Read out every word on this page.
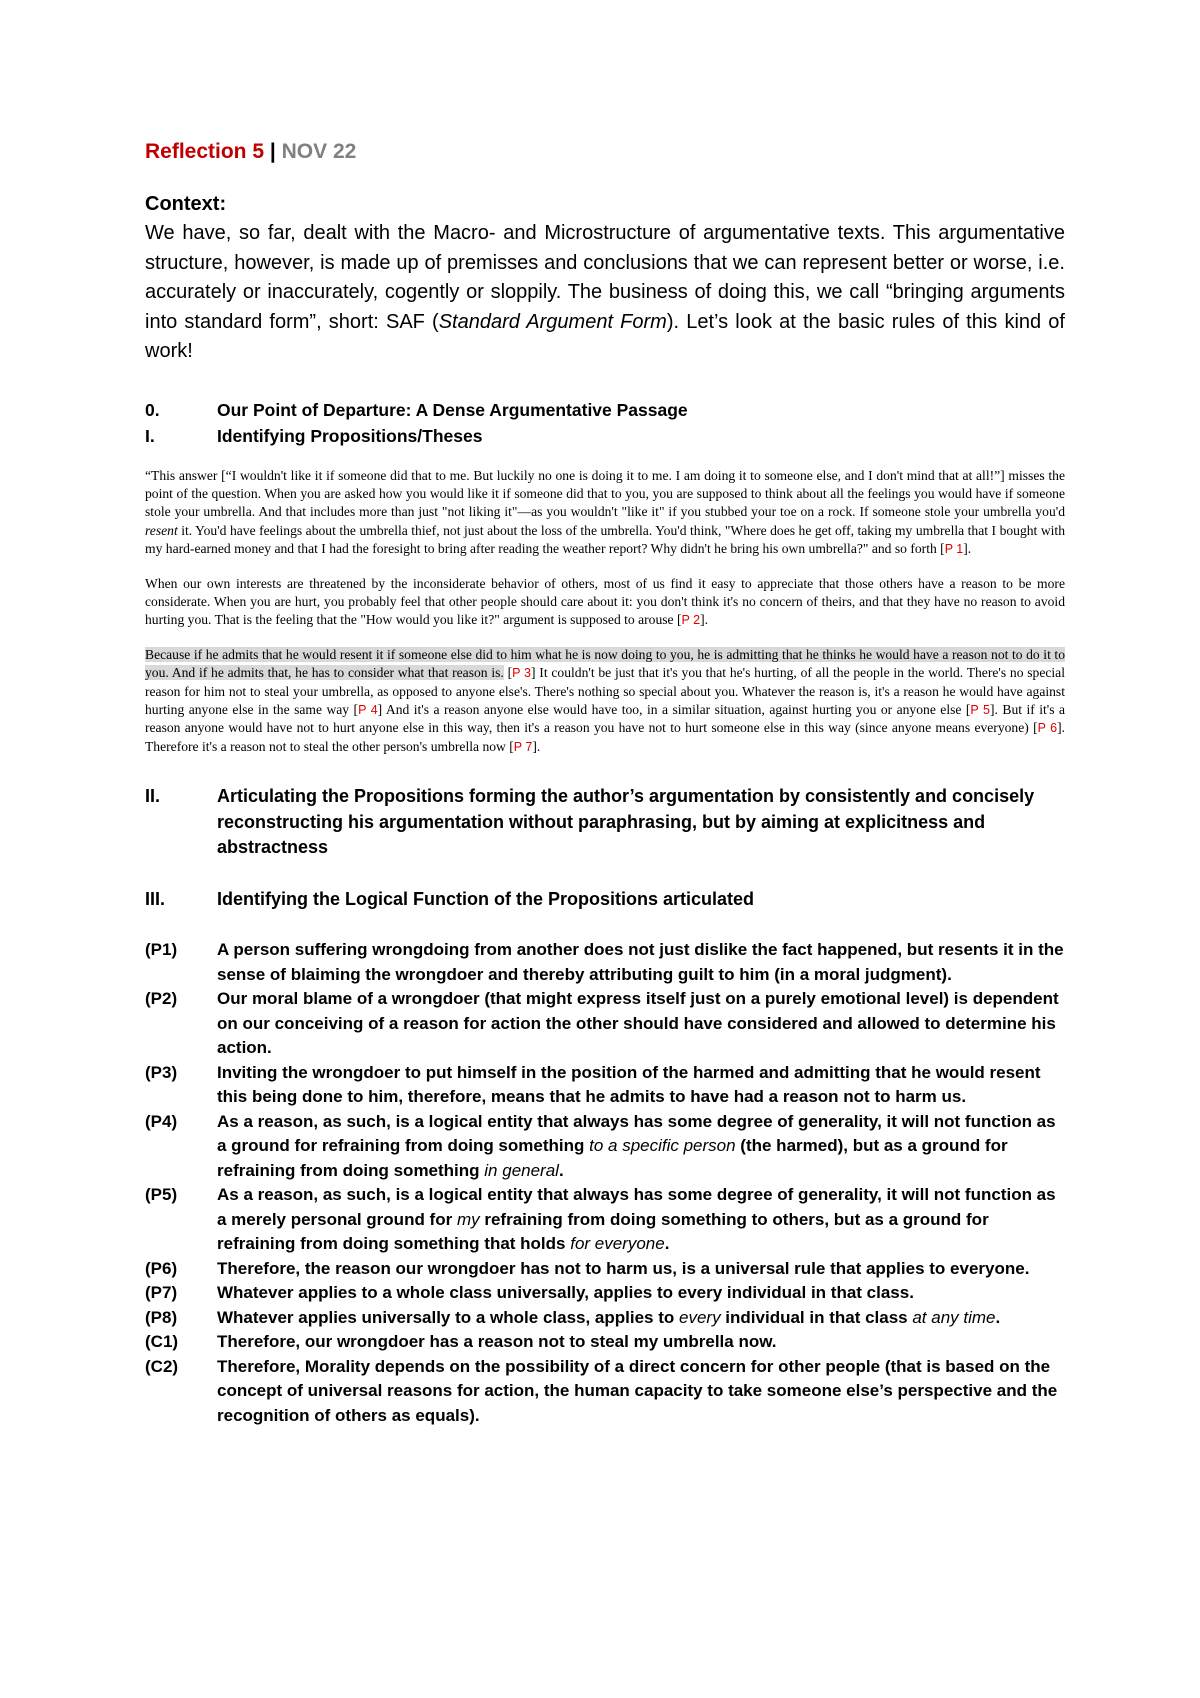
Reflection 5 | NOV 22

Context:

We have, so far, dealt with the Macro- and Microstructure of argumentative texts. This argumentative structure, however, is made up of premisses and conclusions that we can represent better or worse, i.e. accurately or inaccurately, cogently or sloppily. The business of doing this, we call “bringing arguments into standard form”, short: SAF (Standard Argument Form). Let’s look at the basic rules of this kind of work!

0.	Our Point of Departure: A Dense Argumentative Passage
I.	Identifying Propositions/Theses

“This answer [“I wouldn't like it if someone did that to me. But luckily no one is doing it to me. I am doing it to someone else, and I don't mind that at all!”] misses the point of the question. When you are asked how you would like it if someone did that to you, you are supposed to think about all the feelings you would have if someone stole your umbrella. And that includes more than just "not liking it"—as you wouldn't "like it" if you stubbed your toe on a rock. If someone stole your umbrella you'd resent it. You'd have feelings about the umbrella thief, not just about the loss of the umbrella. You'd think, "Where does he get off, taking my umbrella that I bought with my hard-earned money and that I had the foresight to bring after reading the weather report? Why didn't he bring his own umbrella?" and so forth [P 1].

When our own interests are threatened by the inconsiderate behavior of others, most of us find it easy to appreciate that those others have a reason to be more considerate. When you are hurt, you probably feel that other people should care about it: you don't think it's no concern of theirs, and that they have no reason to avoid hurting you. That is the feeling that the "How would you like it?" argument is supposed to arouse [P 2].

Because if he admits that he would resent it if someone else did to him what he is now doing to you, he is admitting that he thinks he would have a reason not to do it to you. And if he admits that, he has to consider what that reason is. [P 3] It couldn't be just that it's you that he's hurting, of all the people in the world. There's no special reason for him not to steal your umbrella, as opposed to anyone else's. There's nothing so special about you. Whatever the reason is, it's a reason he would have against hurting anyone else in the same way [P 4] And it's a reason anyone else would have too, in a similar situation, against hurting you or anyone else [P 5]. But if it's a reason anyone would have not to hurt anyone else in this way, then it's a reason you have not to hurt someone else in this way (since anyone means everyone) [P 6]. Therefore it's a reason not to steal the other person's umbrella now [P 7].

II.	Articulating the Propositions forming the author’s argumentation by consistently and concisely reconstructing his argumentation without paraphrasing, but by aiming at explicitness and abstractness
III.	Identifying the Logical Function of the Propositions articulated
(P1)	A person suffering wrongdoing from another does not just dislike the fact happened, but resents it in the sense of blaiming the wrongdoer and thereby attributing guilt to him (in a moral judgment).
(P2)	Our moral blame of a wrongdoer (that might express itself just on a purely emotional level) is dependent on our conceiving of a reason for action the other should have considered and allowed to determine his action.
(P3)	Inviting the wrongdoer to put himself in the position of the harmed and admitting that he would resent this being done to him, therefore, means that he admits to have had a reason not to harm us.
(P4)	As a reason, as such, is a logical entity that always has some degree of generality, it will not function as a ground for refraining from doing something to a specific person (the harmed), but as a ground for refraining from doing something in general.
(P5)	As a reason, as such, is a logical entity that always has some degree of generality, it will not function as a merely personal ground for my refraining from doing something to others, but as a ground for refraining from doing something that holds for everyone.
(P6)	Therefore, the reason our wrongdoer has not to harm us, is a universal rule that applies to everyone.
(P7)	Whatever applies to a whole class universally, applies to every individual in that class.
(P8)	Whatever applies universally to a whole class, applies to every individual in that class at any time.
(C1)	Therefore, our wrongdoer has a reason not to steal my umbrella now.
(C2)	Therefore, Morality depends on the possibility of a direct concern for other people (that is based on the concept of universal reasons for action, the human capacity to take someone else’s perspective and the recognition of others as equals).
